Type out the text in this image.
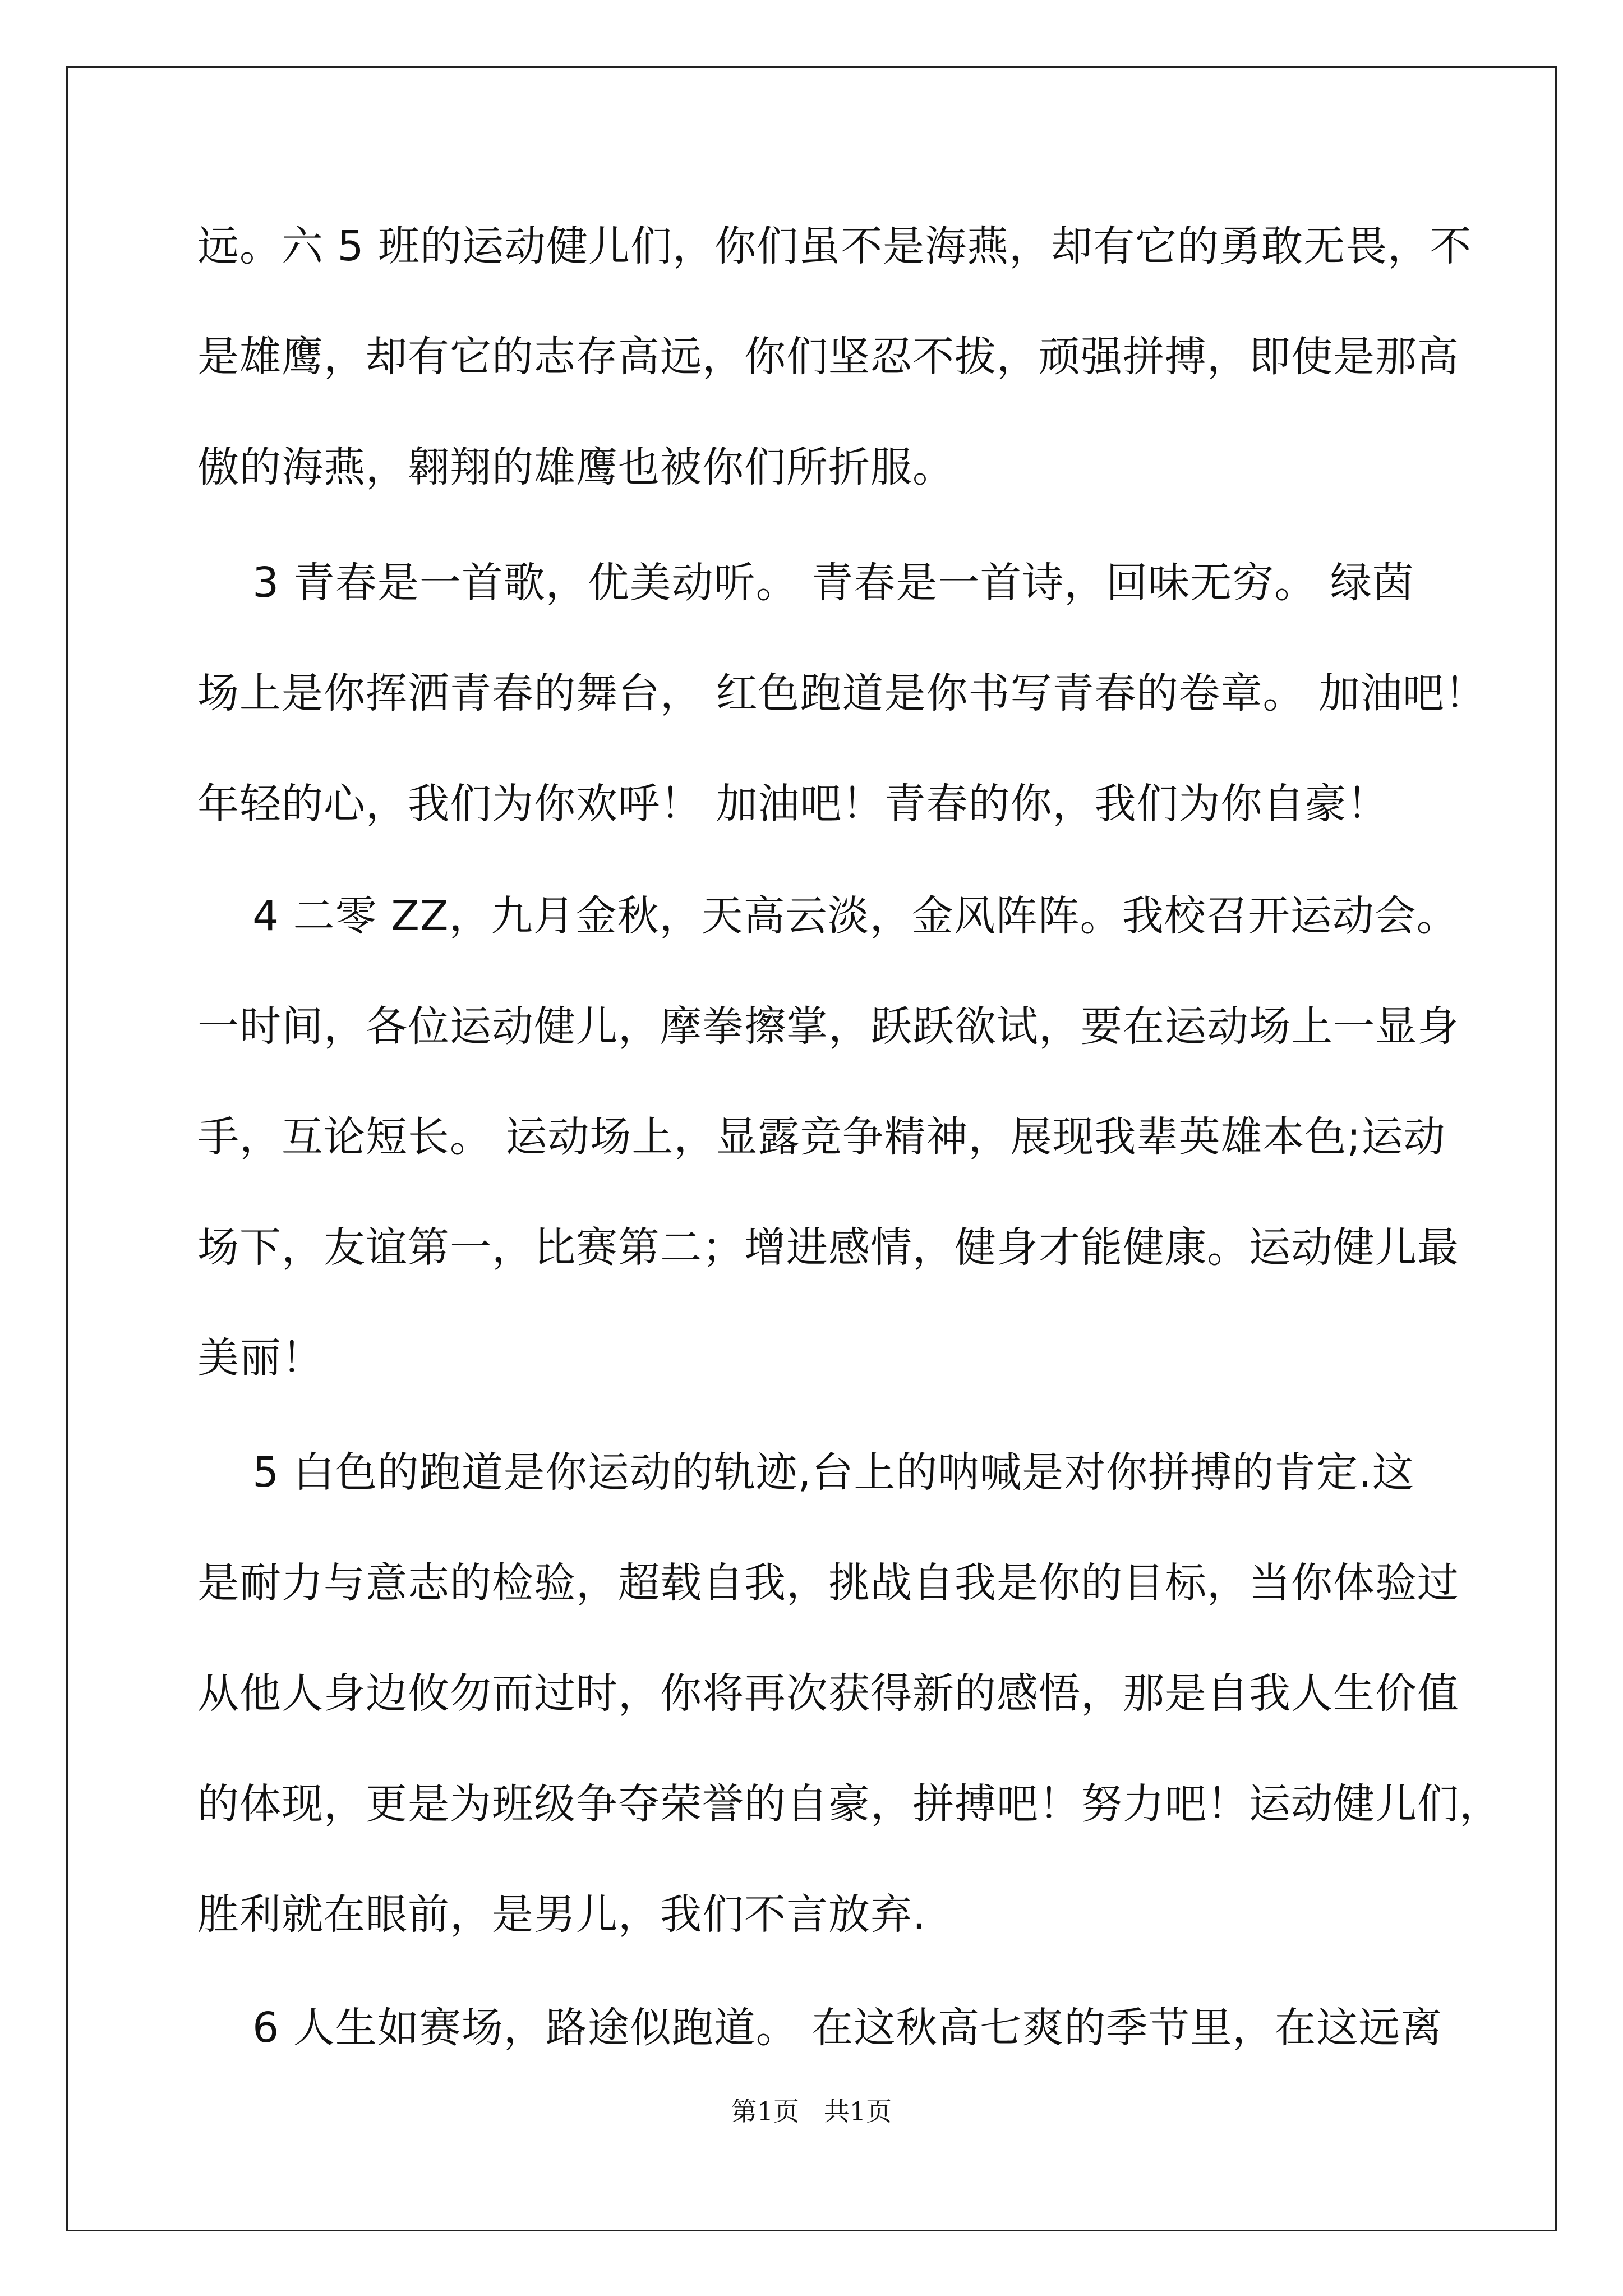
远。六 5 班的运动健儿们，你们虽不是海燕，却有它的勇敢无畏，不
是雄鹰，却有它的志存高远，你们坚忍不拔，顽强拼搏，即使是那高
傲的海燕，翱翔的雄鹰也被你们所折服。
3 青春是一首歌，优美动听。 青春是一首诗，回味无穷。 绿茵
场上是你挥洒青春的舞台， 红色跑道是你书写青春的卷章。 加油吧！
年轻的心，我们为你欢呼！ 加油吧！青春的你，我们为你自豪！
4 二零 ZZ，九月金秋，天高云淡，金风阵阵。我校召开运动会。
一时间，各位运动健儿，摩拳擦掌，跃跃欲试，要在运动场上一显身
手，互论短长。 运动场上，显露竞争精神，展现我辈英雄本色;运动
场下，友谊第一，比赛第二；增进感情，健身才能健康。运动健儿最
美丽！
5 白色的跑道是你运动的轨迹,台上的呐喊是对你拼搏的肯定.这
是耐力与意志的检验，超载自我，挑战自我是你的目标，当你体验过
从他人身边攸勿而过时，你将再次获得新的感悟，那是自我人生价值
的体现，更是为班级争夺荣誉的自豪，拼搏吧！努力吧！运动健儿们，
胜利就在眼前，是男儿，我们不言放弃.
6 人生如赛场，路途似跑道。 在这秋高七爽的季节里，在这远离
第1页   共1页
